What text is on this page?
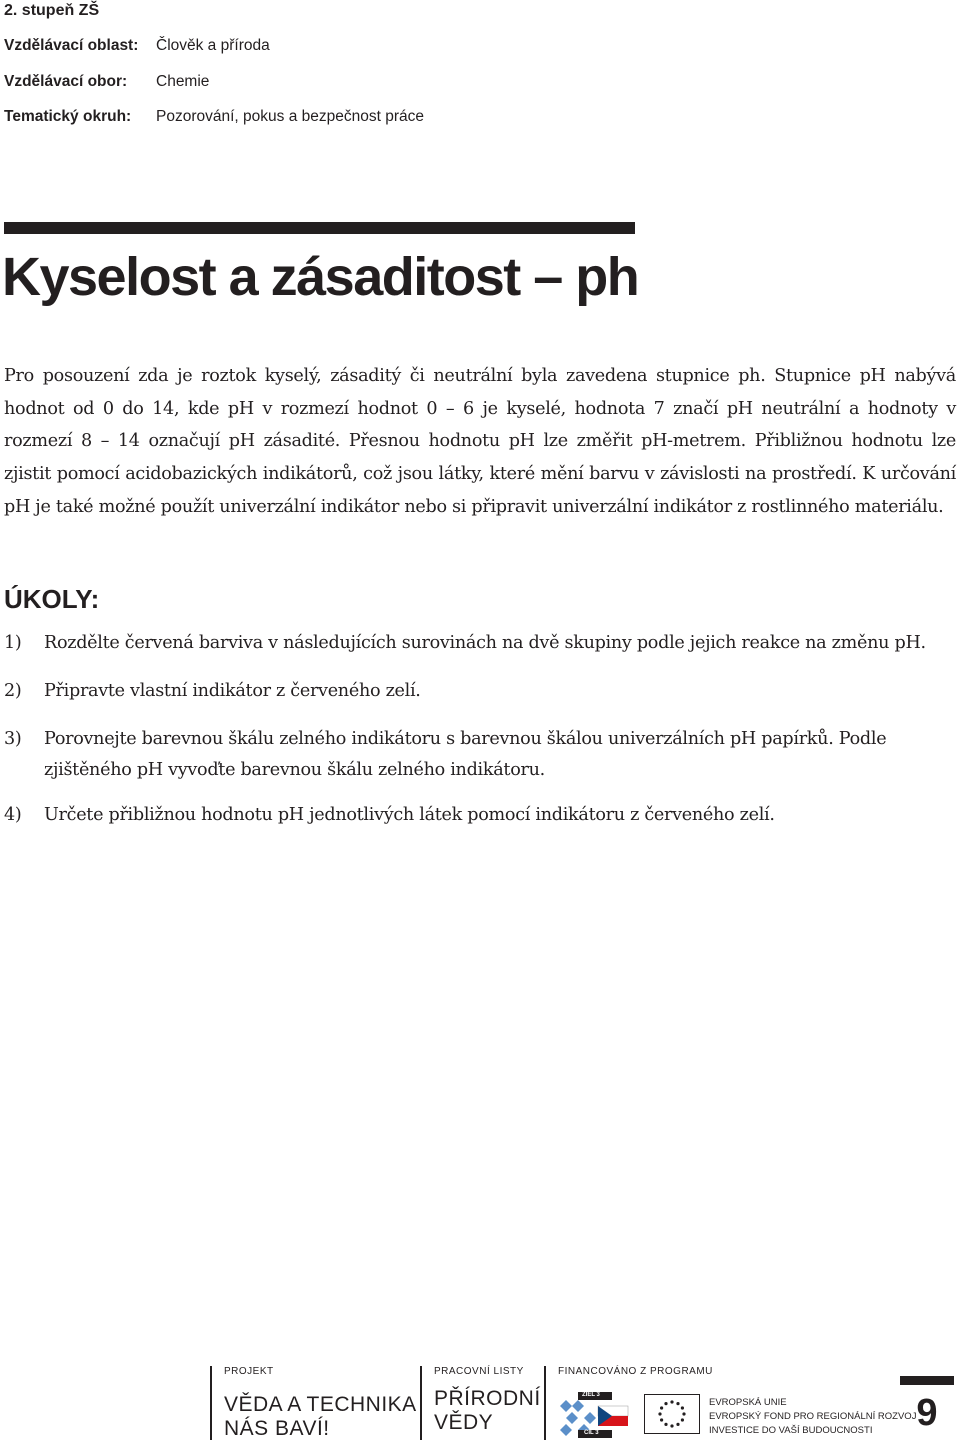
2. stupeň ZŠ
Vzdělávací oblast: Člověk a příroda
Vzdělávací obor: Chemie
Tematický okruh: Pozorování, pokus a bezpečnost práce
Kyselost a zásaditost – ph

Pro posouzení zda je roztok kyselý, zásaditý či neutrální byla zavedena stupnice ph. Stupnice pH nabývá hodnot od 0 do 14, kde pH v rozmezí hodnot 0 – 6 je kyselé, hodnota 7 značí pH neutrální a hodnoty v rozmezí 8 – 14 označují pH zásadité. Přesnou hodnotu pH lze změřit pH-metrem. Přibližnou hodnotu lze zjistit pomocí acidobazických indikátorů, což jsou látky, které mění barvu v závislosti na prostředí. K určování pH je také možné použít univerzální indikátor nebo si připravit univerzální indikátor z rostlinného materiálu.

ÚKOLY:
1) Rozdělte červená barviva v následujících surovinách na dvě skupiny podle jejich reakce na změnu pH.
2) Připravte vlastní indikátor z červeného zelí.
3) Porovnejte barevnou škálu zelného indikátoru s barevnou škálou univerzálních pH papírků. Podle zjištěného pH vyvoďte barevnou škálu zelného indikátoru.
4) Určete přibližnou hodnotu pH jednotlivých látek pomocí indikátoru z červeného zelí.
PROJEKT
VĚDA A TECHNIKA
NÁS BAVÍ!
PRACOVNÍ LISTY
PŘÍRODNÍ
VĚDY
FINANCOVÁNO Z PROGRAMU
ZIEL 3
CÍL 3
EVROPSKÁ UNIE
EVROPSKÝ FOND PRO REGIONÁLNÍ ROZVOJ
INVESTICE DO VAŠÍ BUDOUCNOSTI	9
